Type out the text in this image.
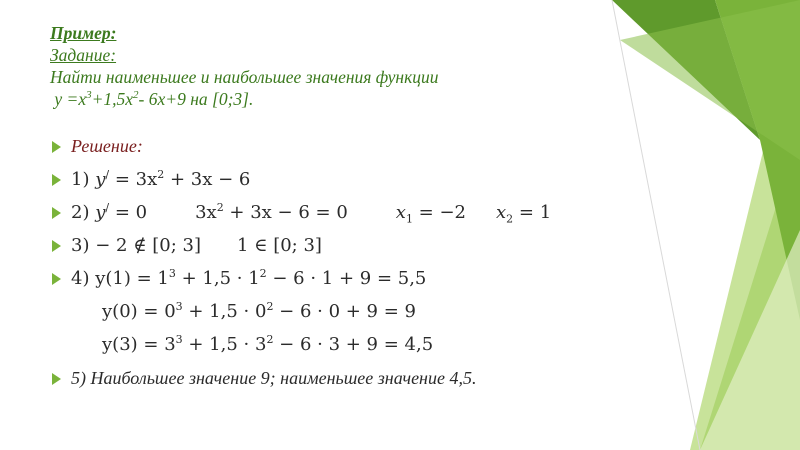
Пример:
Задание:
Найти наименьшее и наибольшее значения функции
$y =x^3+1,5x^2-$ 6x+9 на [0;3].
Решение:
1) $y^/ = 3x^2 + 3x - 6$
2) y/ = 0	$3x^2 + 3x - 6 = 0$	$x_1 = -2$ $x_2 = 1$
3) − 2 ∉ [0; 3] 1 ∈ [0; 3]
4) $y(1) = 1^3 + 1,5 \cdot 1^2 - 6 \cdot 1 + 9 = 5,5$
$y(0) = 0^3 + 1,5 \cdot 0^2 - 6 \cdot 0 + 9 = 9$
$y(3) = 3^3 + 1,5 \cdot 3^2 - 6 \cdot 3 + 9 = 4,5$
5) Наибольшее значение 9; наименьшее значение 4,5.
